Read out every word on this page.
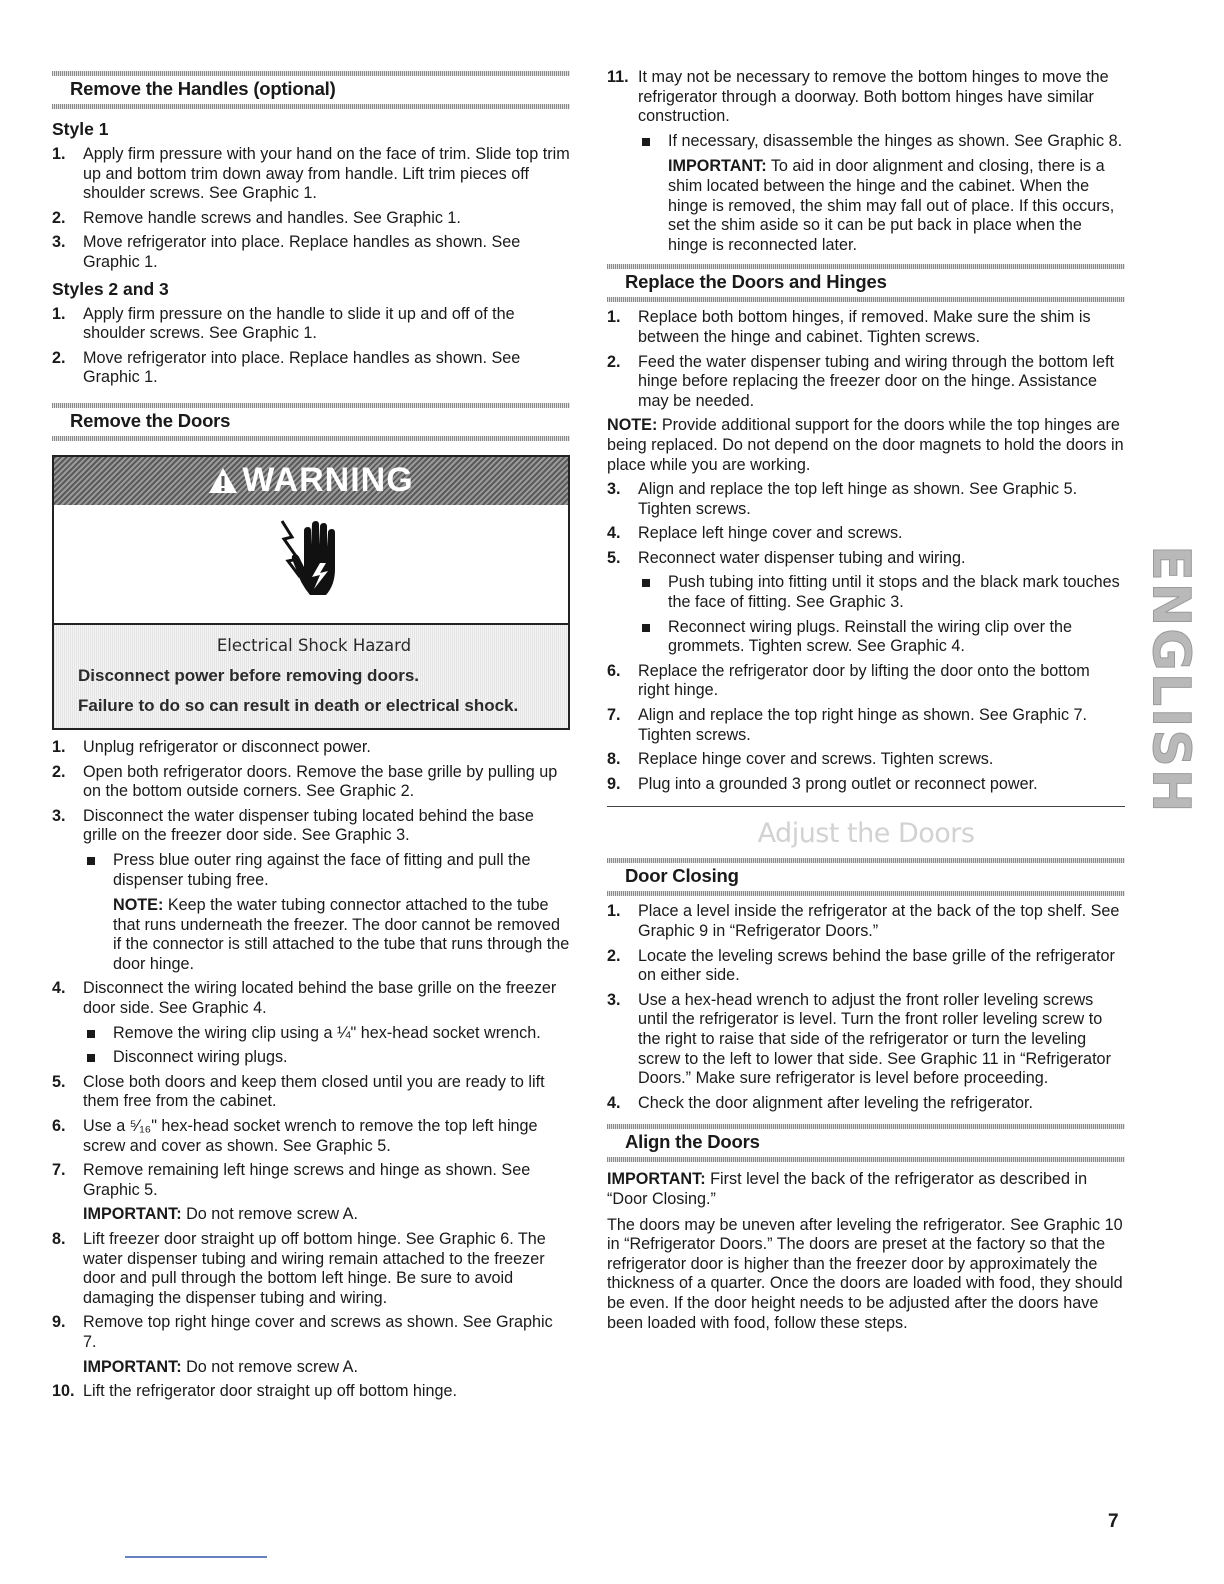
Remove the Handles (optional)
Style 1
1. Apply firm pressure with your hand on the face of trim. Slide top trim up and bottom trim down away from handle. Lift trim pieces off shoulder screws. See Graphic 1.
2. Remove handle screws and handles. See Graphic 1.
3. Move refrigerator into place. Replace handles as shown. See Graphic 1.
Styles 2 and 3
1. Apply firm pressure on the handle to slide it up and off of the shoulder screws. See Graphic 1.
2. Move refrigerator into place. Replace handles as shown. See Graphic 1.
Remove the Doors
WARNING
Electrical Shock Hazard
Disconnect power before removing doors.
Failure to do so can result in death or electrical shock.
1. Unplug refrigerator or disconnect power.
2. Open both refrigerator doors. Remove the base grille by pulling up on the bottom outside corners. See Graphic 2.
3. Disconnect the water dispenser tubing located behind the base grille on the freezer door side. See Graphic 3.
Press blue outer ring against the face of fitting and pull the dispenser tubing free.

NOTE: Keep the water tubing connector attached to the tube that runs underneath the freezer. The door cannot be removed if the connector is still attached to the tube that runs through the door hinge.

4. Disconnect the wiring located behind the base grille on the freezer door side. See Graphic 4.
Remove the wiring clip using a ¼" hex-head socket wrench.
Disconnect wiring plugs.
5. Close both doors and keep them closed until you are ready to lift them free from the cabinet.
6. Use a ⁵⁄₁₆" hex-head socket wrench to remove the top left hinge screw and cover as shown. See Graphic 5.
7. Remove remaining left hinge screws and hinge as shown. See Graphic 5.

IMPORTANT: Do not remove screw A.

8. Lift freezer door straight up off bottom hinge. See Graphic 6. The water dispenser tubing and wiring remain attached to the freezer door and pull through the bottom left hinge. Be sure to avoid damaging the dispenser tubing and wiring.
9. Remove top right hinge cover and screws as shown. See Graphic 7.

IMPORTANT: Do not remove screw A.

10. Lift the refrigerator door straight up off bottom hinge.
11. It may not be necessary to remove the bottom hinges to move the refrigerator through a doorway. Both bottom hinges have similar construction.
If necessary, disassemble the hinges as shown. See Graphic 8.

IMPORTANT: To aid in door alignment and closing, there is a shim located between the hinge and the cabinet. When the hinge is removed, the shim may fall out of place. If this occurs, set the shim aside so it can be put back in place when the hinge is reconnected later.

Replace the Doors and Hinges
1. Replace both bottom hinges, if removed. Make sure the shim is between the hinge and cabinet. Tighten screws.
2. Feed the water dispenser tubing and wiring through the bottom left hinge before replacing the freezer door on the hinge. Assistance may be needed.

NOTE: Provide additional support for the doors while the top hinges are being replaced. Do not depend on the door magnets to hold the doors in place while you are working.

3. Align and replace the top left hinge as shown. See Graphic 5. Tighten screws.
4. Replace left hinge cover and screws.
5. Reconnect water dispenser tubing and wiring.
Push tubing into fitting until it stops and the black mark touches the face of fitting. See Graphic 3.
Reconnect wiring plugs. Reinstall the wiring clip over the grommets. Tighten screw. See Graphic 4.
6. Replace the refrigerator door by lifting the door onto the bottom right hinge.
7. Align and replace the top right hinge as shown. See Graphic 7. Tighten screws.
8. Replace hinge cover and screws. Tighten screws.
9. Plug into a grounded 3 prong outlet or reconnect power.
Adjust the Doors
Door Closing
1. Place a level inside the refrigerator at the back of the top shelf. See Graphic 9 in “Refrigerator Doors.”
2. Locate the leveling screws behind the base grille of the refrigerator on either side.
3. Use a hex-head wrench to adjust the front roller leveling screws until the refrigerator is level. Turn the front roller leveling screw to the right to raise that side of the refrigerator or turn the leveling screw to the left to lower that side. See Graphic 11 in “Refrigerator Doors.” Make sure refrigerator is level before proceeding.
4. Check the door alignment after leveling the refrigerator.
Align the Doors

IMPORTANT: First level the back of the refrigerator as described in “Door Closing.”

The doors may be uneven after leveling the refrigerator. See Graphic 10 in “Refrigerator Doors.” The doors are preset at the factory so that the refrigerator door is higher than the freezer door by approximately the thickness of a quarter. Once the doors are loaded with food, they should be even. If the door height needs to be adjusted after the doors have been loaded with food, follow these steps.

ENGLISH
7
